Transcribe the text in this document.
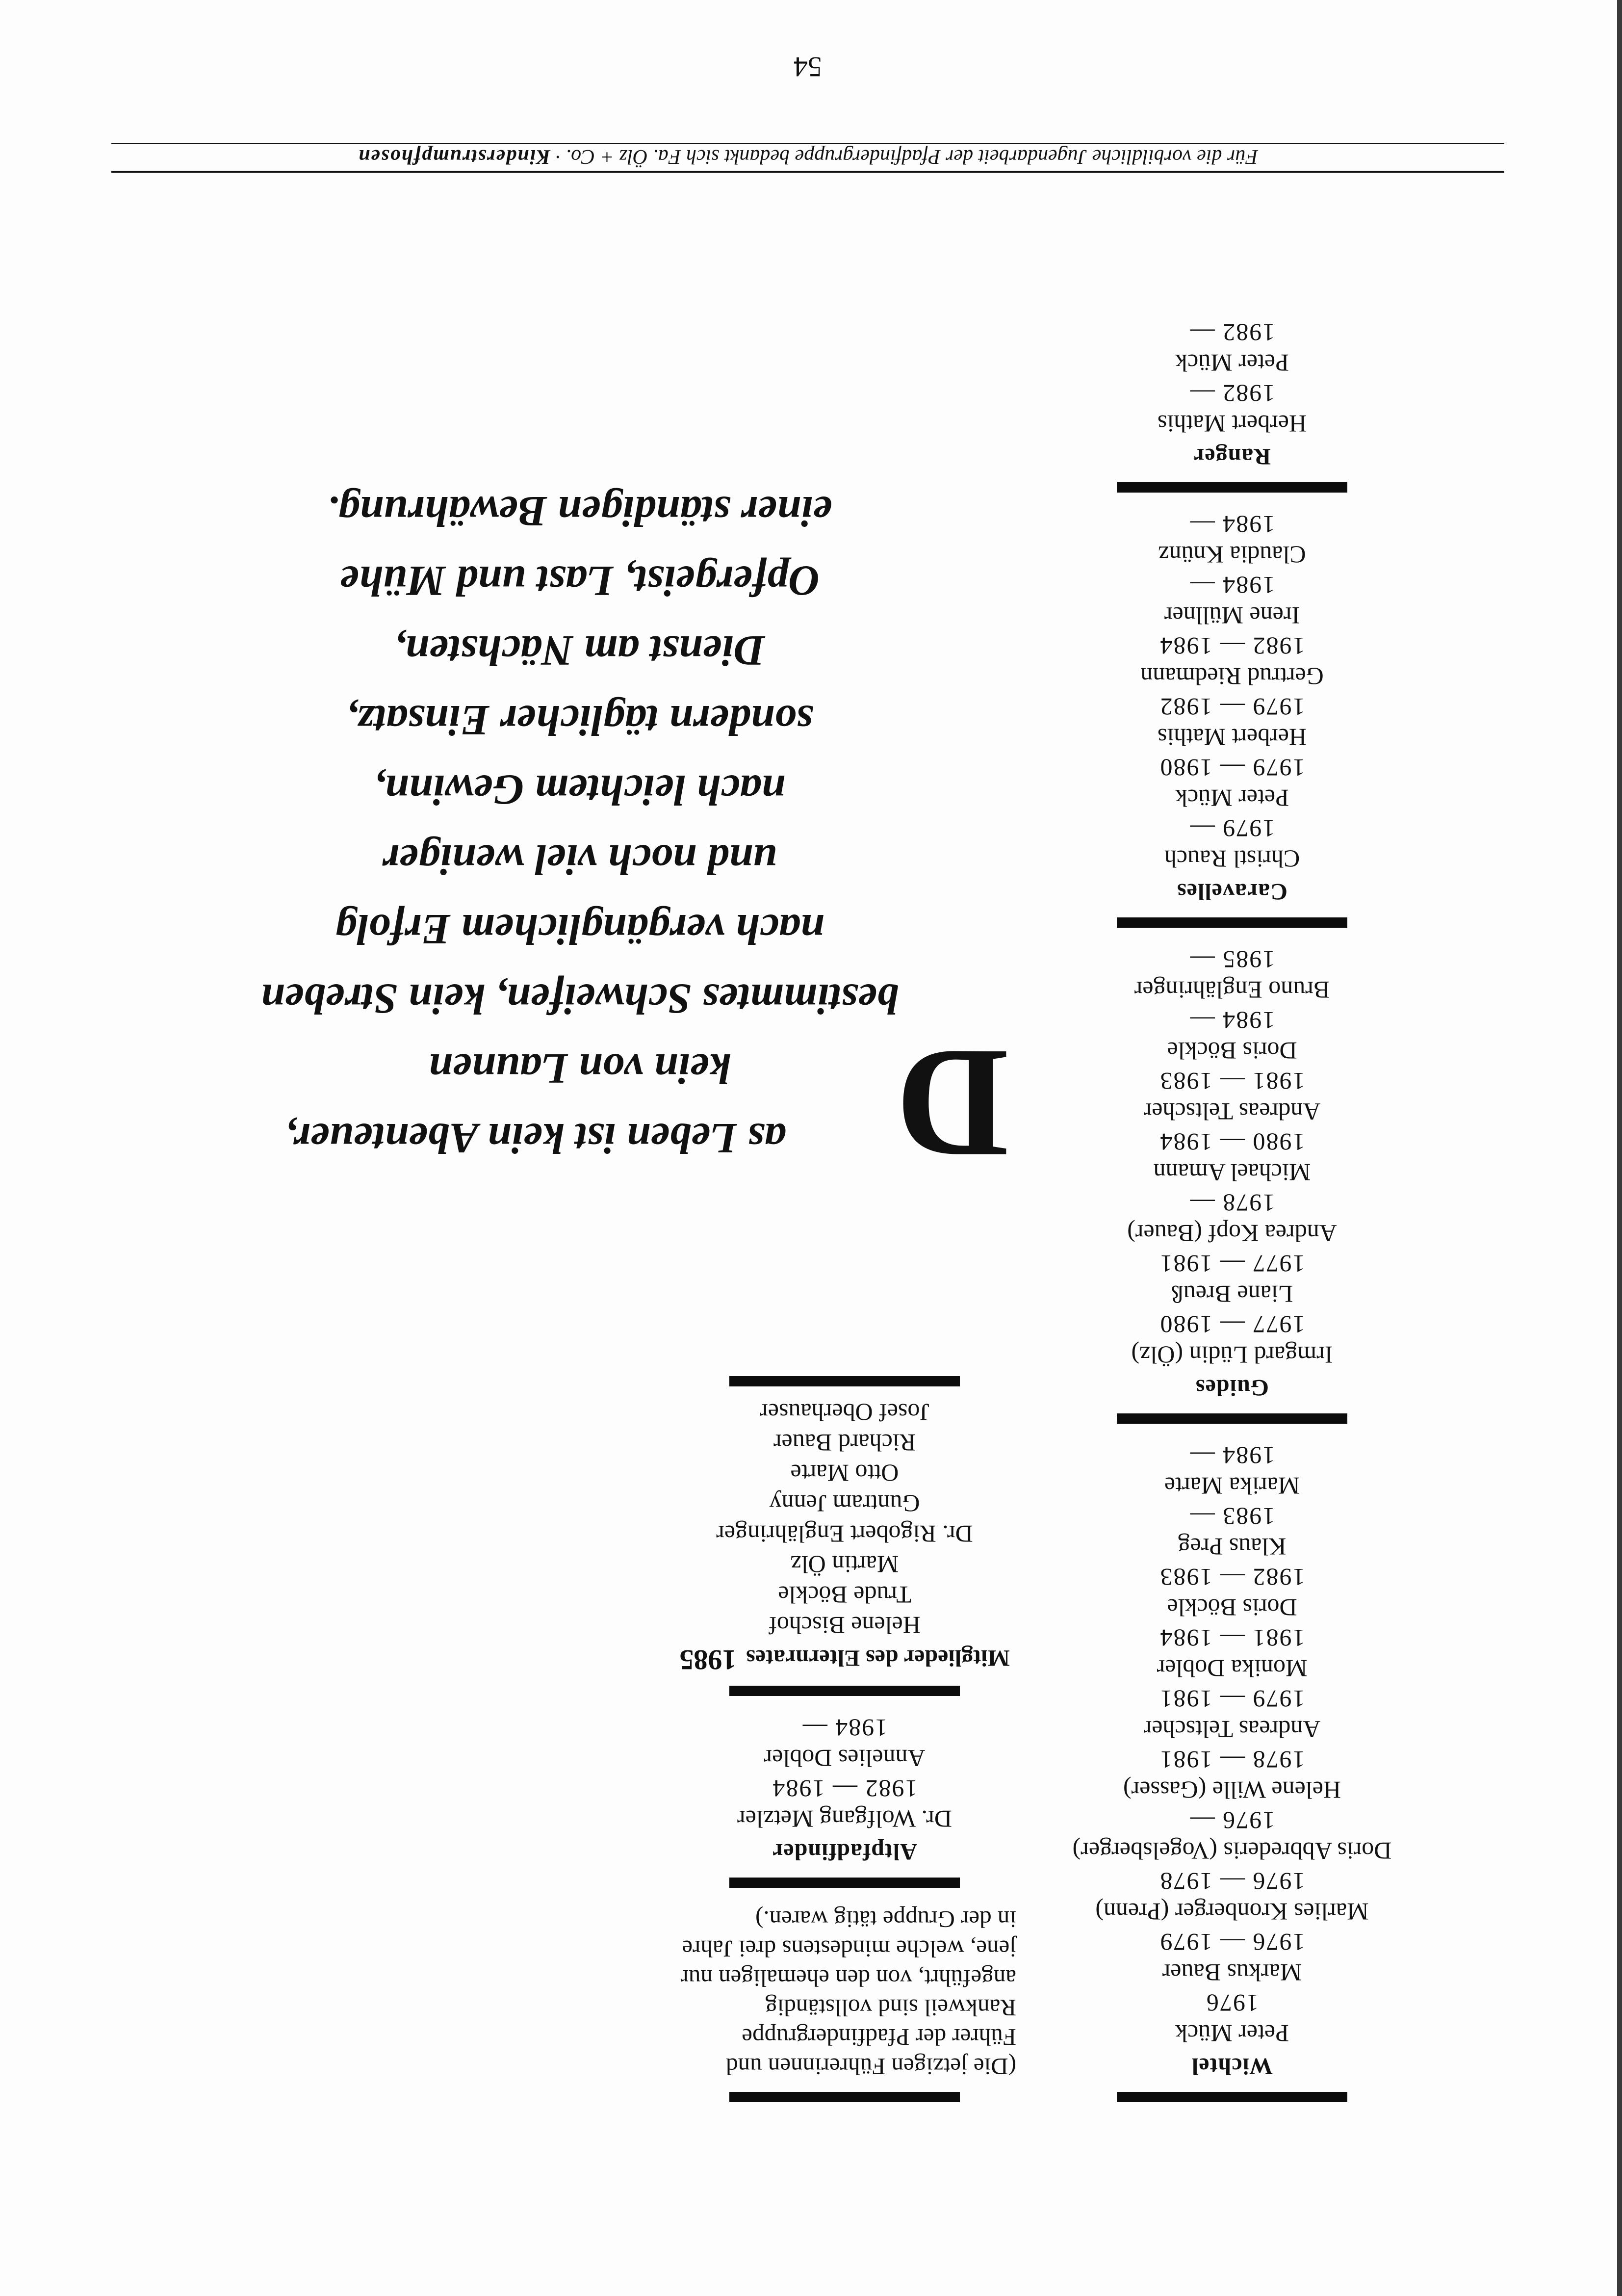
Wichtel
Peter Mück
1976
Markus Bauer
1976 — 1979
Marlies Kronberger (Prenn)
1976 — 1978
Doris Abbrederis (Vogelsberger)
1976 —
Helene Wille (Gasser)
1978 — 1981
Andreas Teltscher
1979 — 1981
Monika Dobler
1981 — 1984
Doris Böckle
1982 — 1983
Klaus Preg
1983 —
Marika Marte
1984 —
Guides
Irmgard Lüdin (Ölz)
1977 — 1980
Liane Breuß
1977 — 1981
Andrea Kopf (Bauer)
1978 —
Michael Amann
1980 — 1984
Andreas Teltscher
1981 — 1983
Doris Böckle
1984 —
Bruno Englähringer
1985 —
Caravelles
Christl Rauch
1979 —
Peter Mück
1979 — 1980
Herbert Mathis
1979 — 1982
Gertrud Riedmann
1982 — 1984
Irene Müllner
1984 —
Claudia Knünz
1984 —
Ranger
Herbert Mathis
1982 —
Peter Mück
1982 —
(Die jetzigen Führerinnen und Führer der Pfadfindergruppe Rankweil sind vollständig angeführt, von den ehemaligen nur jene, welche mindestens drei Jahre in der Gruppe tätig waren.)
Altpfadfinder
Dr. Wolfgang Metzler
1982 — 1984
Annelies Dobler
1984 —
Mitglieder des Elternrates 1985
Helene Bischof
Trude Böckle
Martin Ölz
Dr. Rigobert Englähringer
Guntram Jenny
Otto Marte
Richard Bauer
Josef Oberhauser
D
as Leben ist kein Abenteuer,
kein von Launen
bestimmtes Schweifen, kein Streben
nach vergänglichem Erfolg
und noch viel weniger
nach leichtem Gewinn,
sondern täglicher Einsatz,
Dienst am Nächsten,
Opfergeist, Last und Mühe
einer ständigen Bewährung.
Für die vorbildliche Jugendarbeit der Pfadfindergruppe bedankt sich Fa. Ölz + Co. · Kinderstrumpfhosen
54
